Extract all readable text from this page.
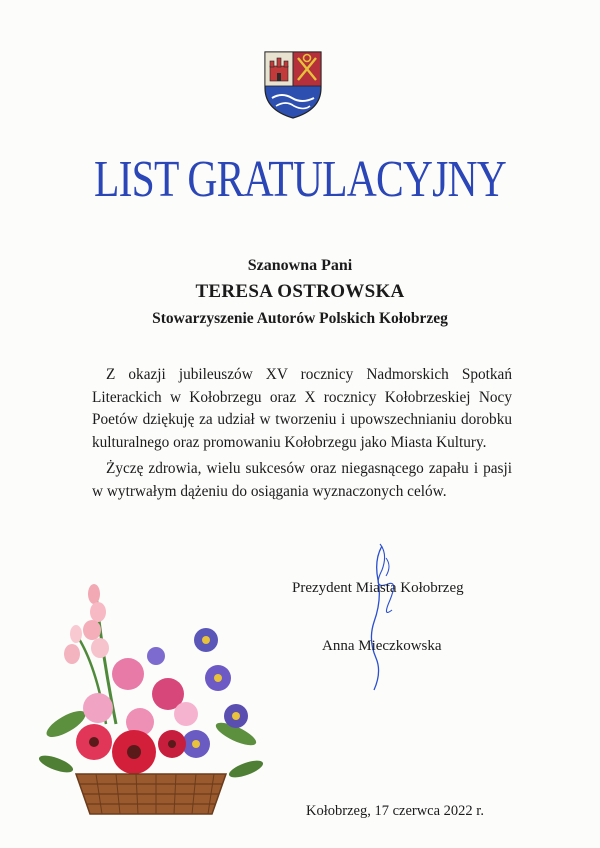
LIST GRATULACYJNY
Szanowna Pani
TERESA OSTROWSKA
Stowarzyszenie Autorów Polskich Kołobrzeg

Z okazji jubileuszów XV rocznicy Nadmorskich Spotkań Literackich w Kołobrzegu oraz X rocznicy Kołobrzeskiej Nocy Poetów dziękuję za udział w tworzeniu i upowszechnianiu dorobku kulturalnego oraz promowaniu Kołobrzegu jako Miasta Kultury.

Życzę zdrowia, wielu sukcesów oraz niegasnącego zapału i pasji w wytrwałym dążeniu do osiągania wyznaczonych celów.

Prezydent Miasta Kołobrzeg
Anna Mieczkowska
Kołobrzeg, 17 czerwca 2022 r.
